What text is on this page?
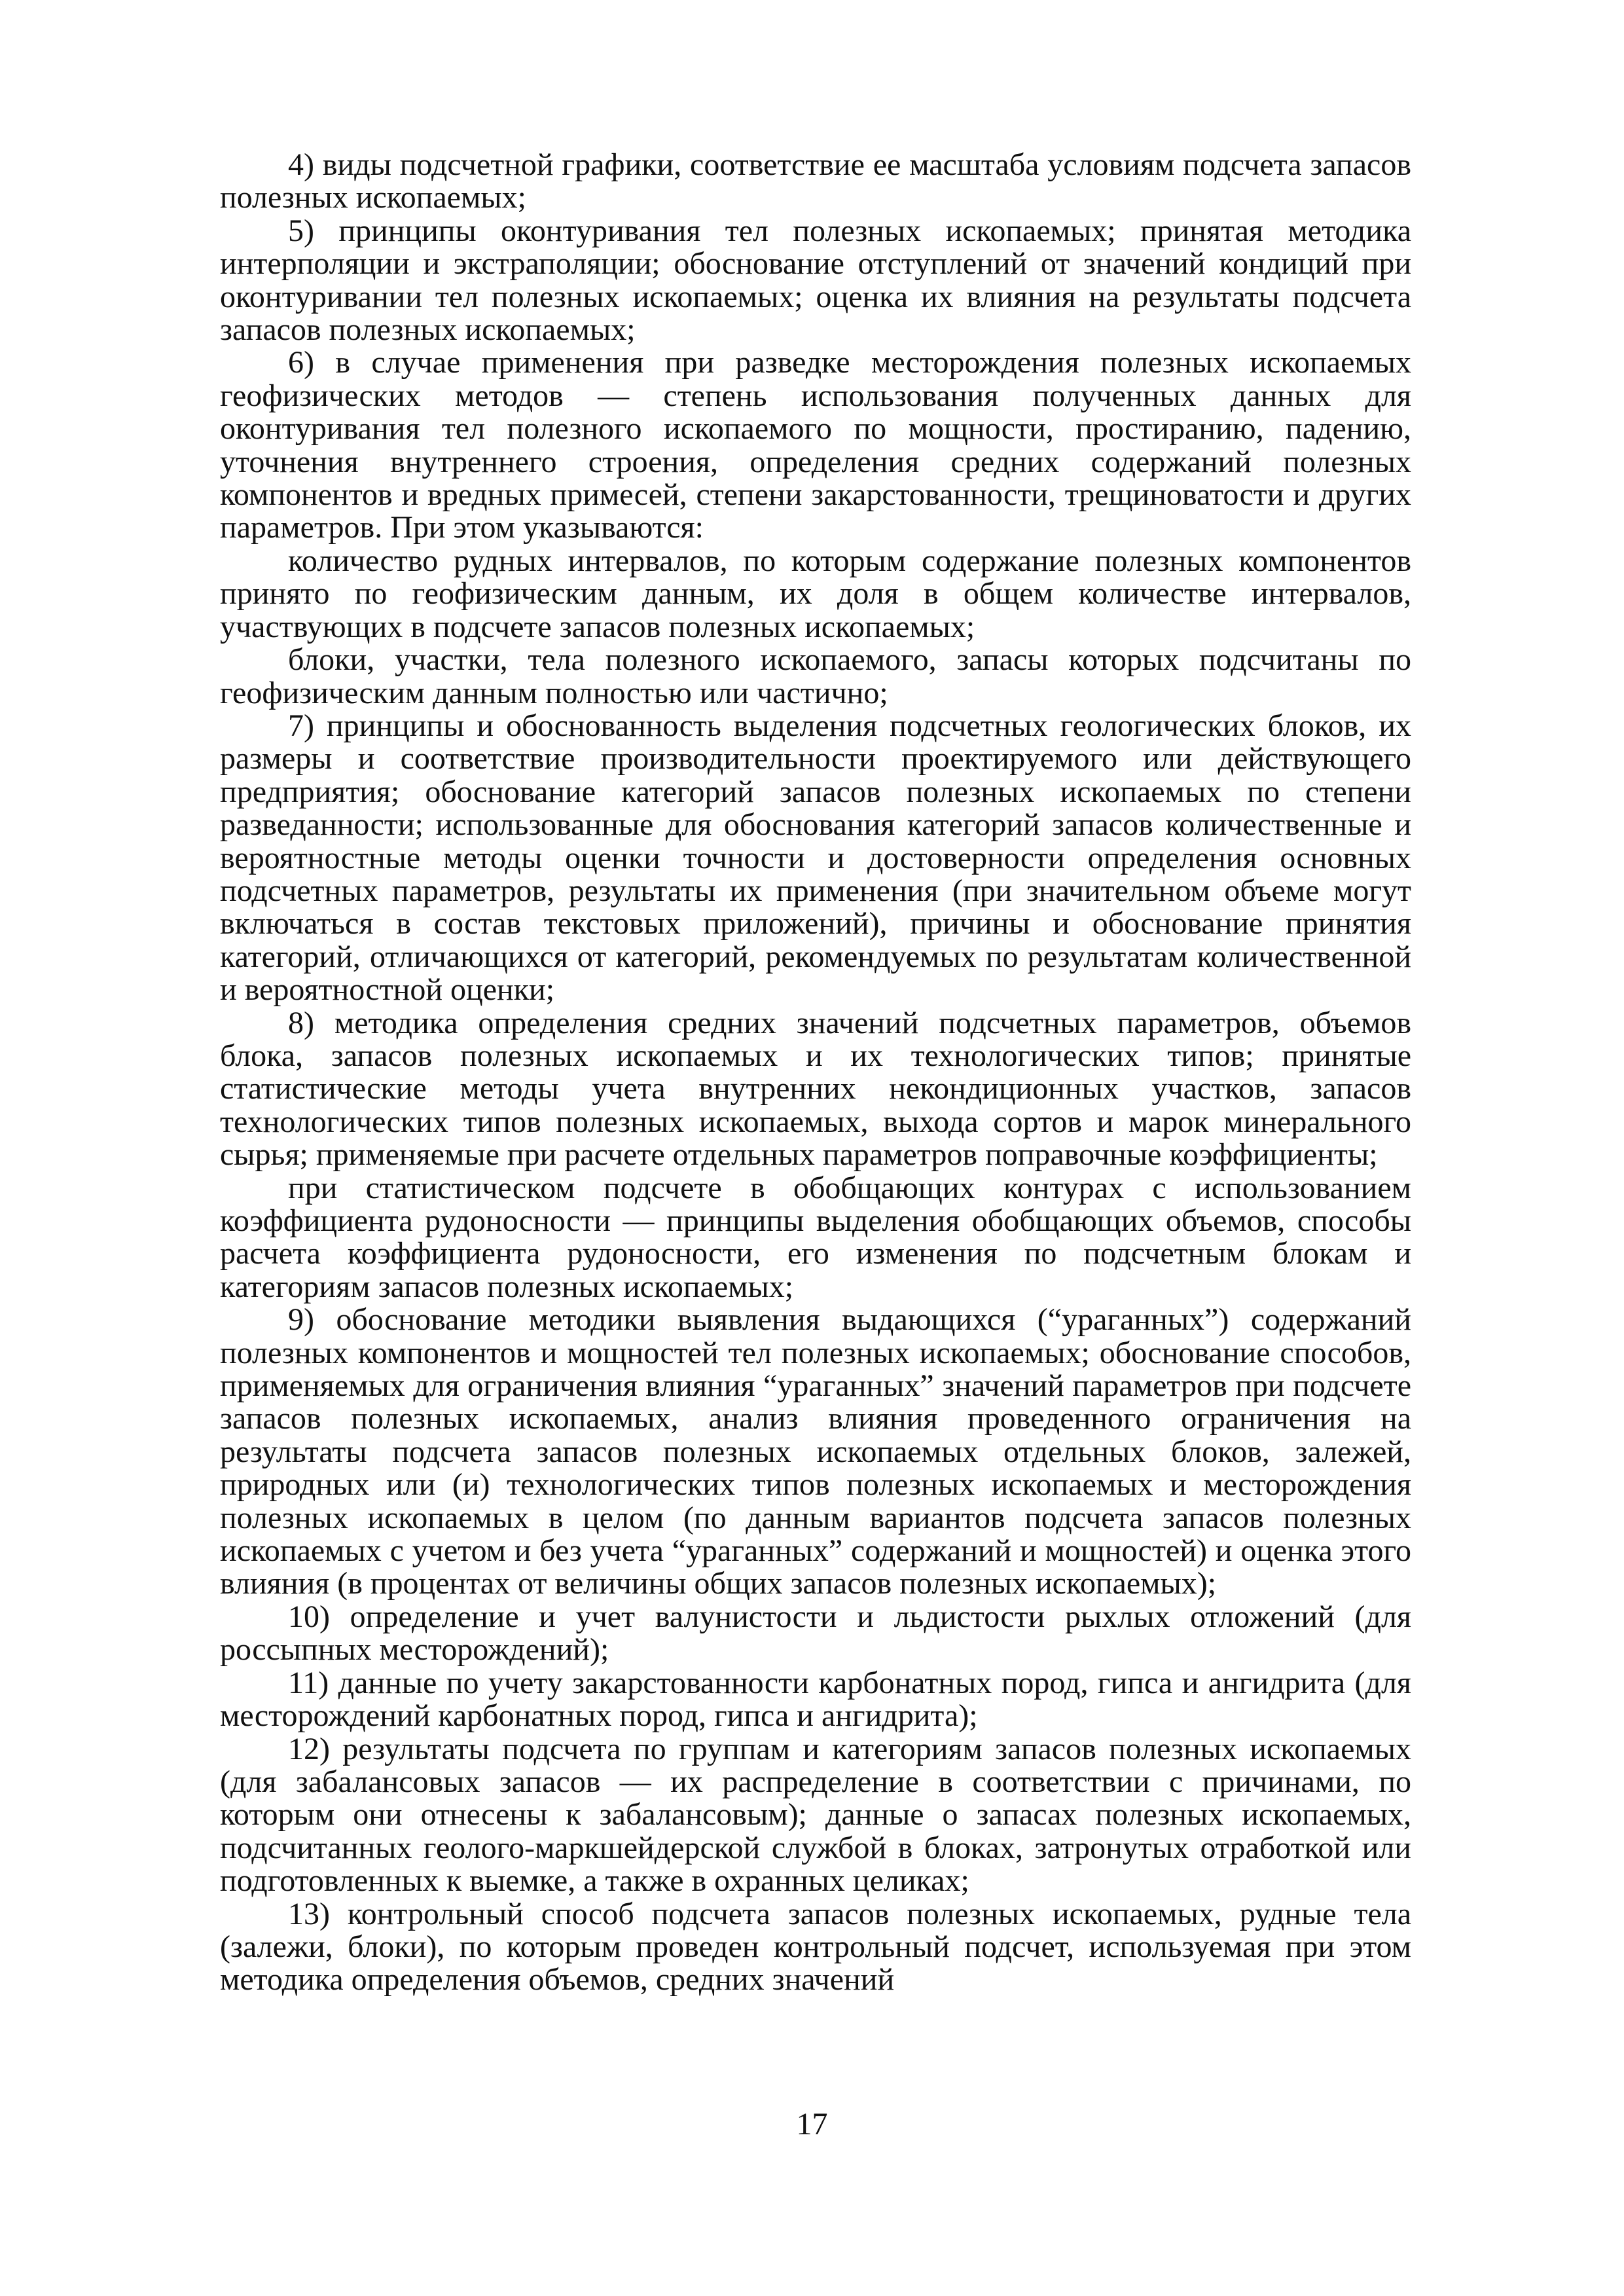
4) виды подсчетной графики, соответствие ее масштаба условиям подсчета запасов полезных ископаемых;

5) принципы оконтуривания тел полезных ископаемых; принятая методика интерполяции и экстраполяции; обоснование отступлений от значений кондиций при оконтуривании тел полезных ископаемых; оценка их влияния на результаты подсчета запасов полезных ископаемых;

6) в случае применения при разведке месторождения полезных ископаемых геофизических методов — степень использования полученных данных для оконтуривания тел полезного ископаемого по мощности, простиранию, падению, уточнения внутреннего строения, определения средних содержаний полезных компонентов и вредных примесей, степени закарстованности, трещиноватости и других параметров. При этом указываются:

количество рудных интервалов, по которым содержание полезных компонентов принято по геофизическим данным, их доля в общем количестве интервалов, участвующих в подсчете запасов полезных ископаемых;

блоки, участки, тела полезного ископаемого, запасы которых подсчитаны по геофизическим данным полностью или частично;

7) принципы и обоснованность выделения подсчетных геологических блоков, их размеры и соответствие производительности проектируемого или действующего предприятия; обоснование категорий запасов полезных ископаемых по степени разведанности; использованные для обоснования категорий запасов количественные и вероятностные методы оценки точности и достоверности определения основных подсчетных параметров, результаты их применения (при значительном объеме могут включаться в состав текстовых приложений), причины и обоснование принятия категорий, отличающихся от категорий, рекомендуемых по результатам количественной и вероятностной оценки;

8) методика определения средних значений подсчетных параметров, объемов блока, запасов полезных ископаемых и их технологических типов; принятые статистические методы учета внутренних некондиционных участков, запасов технологических типов полезных ископаемых, выхода сортов и марок минерального сырья; применяемые при расчете отдельных параметров поправочные коэффициенты;

при статистическом подсчете в обобщающих контурах с использованием коэффициента рудоносности — принципы выделения обобщающих объемов, способы расчета коэффициента рудоносности, его изменения по подсчетным блокам и категориям запасов полезных ископаемых;

9) обоснование методики выявления выдающихся (“ураганных”) содержаний полезных компонентов и мощностей тел полезных ископаемых; обоснование способов, применяемых для ограничения влияния “ураганных” значений параметров при подсчете запасов полезных ископаемых, анализ влияния проведенного ограничения на результаты подсчета запасов полезных ископаемых отдельных блоков, залежей, природных или (и) технологических типов полезных ископаемых и месторождения полезных ископаемых в целом (по данным вариантов подсчета запасов полезных ископаемых с учетом и без учета “ураганных” содержаний и мощностей) и оценка этого влияния (в процентах от величины общих запасов полезных ископаемых);

10) определение и учет валунистости и льдистости рыхлых отложений (для россыпных месторождений);

11) данные по учету закарстованности карбонатных пород, гипса и ангидрита (для месторождений карбонатных пород, гипса и ангидрита);

12) результаты подсчета по группам и категориям запасов полезных ископаемых (для забалансовых запасов — их распределение в соответствии с причинами, по которым они отнесены к забалансовым); данные о запасах полезных ископаемых, подсчитанных геолого-маркшейдерской службой в блоках, затронутых отработкой или подготовленных к выемке, а также в охранных целиках;

13) контрольный способ подсчета запасов полезных ископаемых, рудные тела (залежи, блоки), по которым проведен контрольный подсчет, используемая при этом методика определения объемов, средних значений

17
